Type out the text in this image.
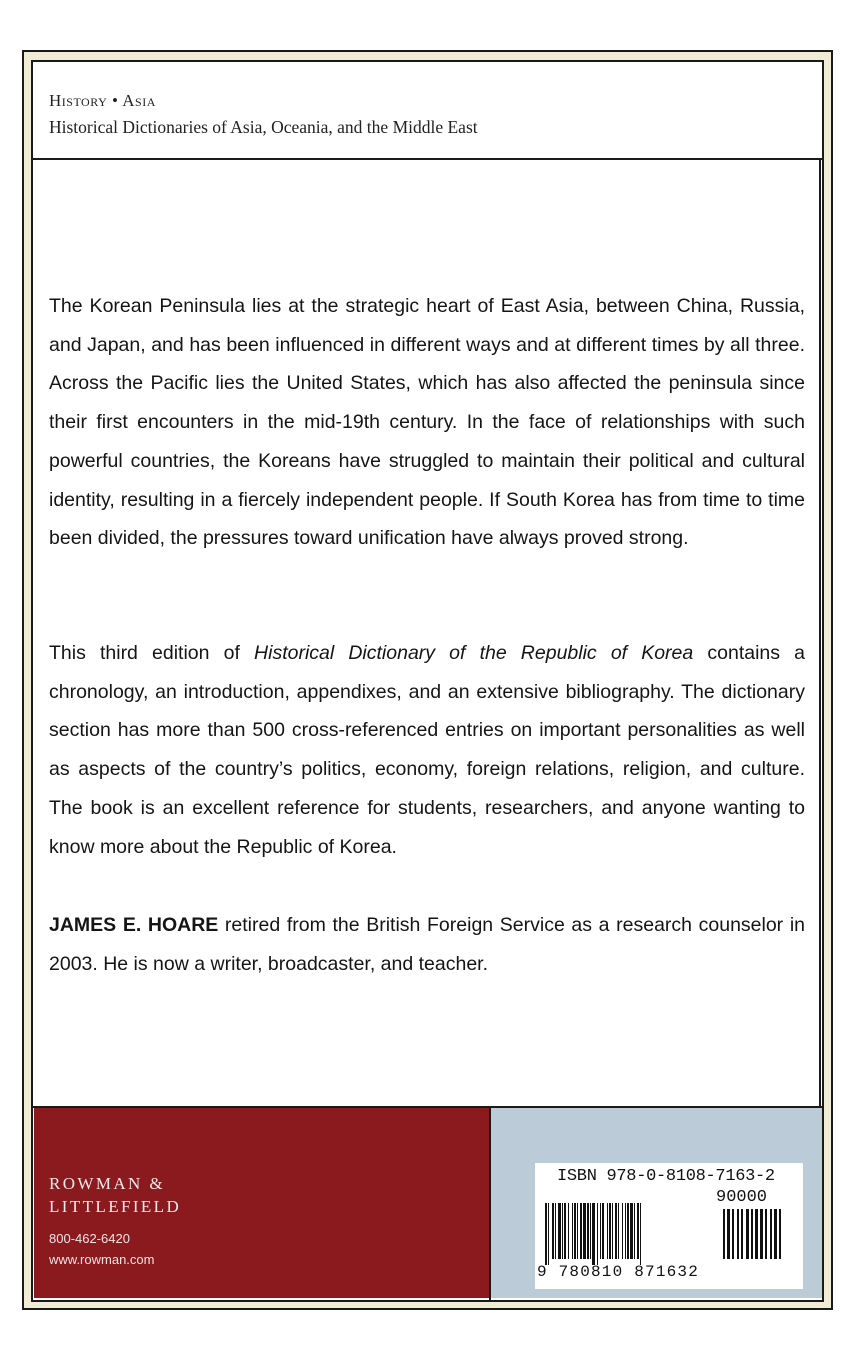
History • Asia
Historical Dictionaries of Asia, Oceania, and the Middle East
The Korean Peninsula lies at the strategic heart of East Asia, between China, Russia, and Japan, and has been influenced in different ways and at different times by all three. Across the Pacific lies the United States, which has also affected the peninsula since their first encounters in the mid-19th century. In the face of relationships with such powerful countries, the Koreans have struggled to maintain their political and cultural identity, resulting in a fiercely independent people. If South Korea has from time to time been divided, the pressures toward unification have always proved strong.
This third edition of Historical Dictionary of the Republic of Korea contains a chronology, an introduction, appendixes, and an extensive bibliography. The dictionary section has more than 500 cross-referenced entries on important personalities as well as aspects of the country’s politics, economy, foreign relations, religion, and culture. The book is an excellent reference for students, researchers, and anyone wanting to know more about the Republic of Korea.
JAMES E. HOARE retired from the British Foreign Service as a research counselor in 2003. He is now a writer, broadcaster, and teacher.
ROWMAN &
LITTLEFIELD
800-462-6420
www.rowman.com
ISBN 978-0-8108-7163-2
90000
9 780810 871632
